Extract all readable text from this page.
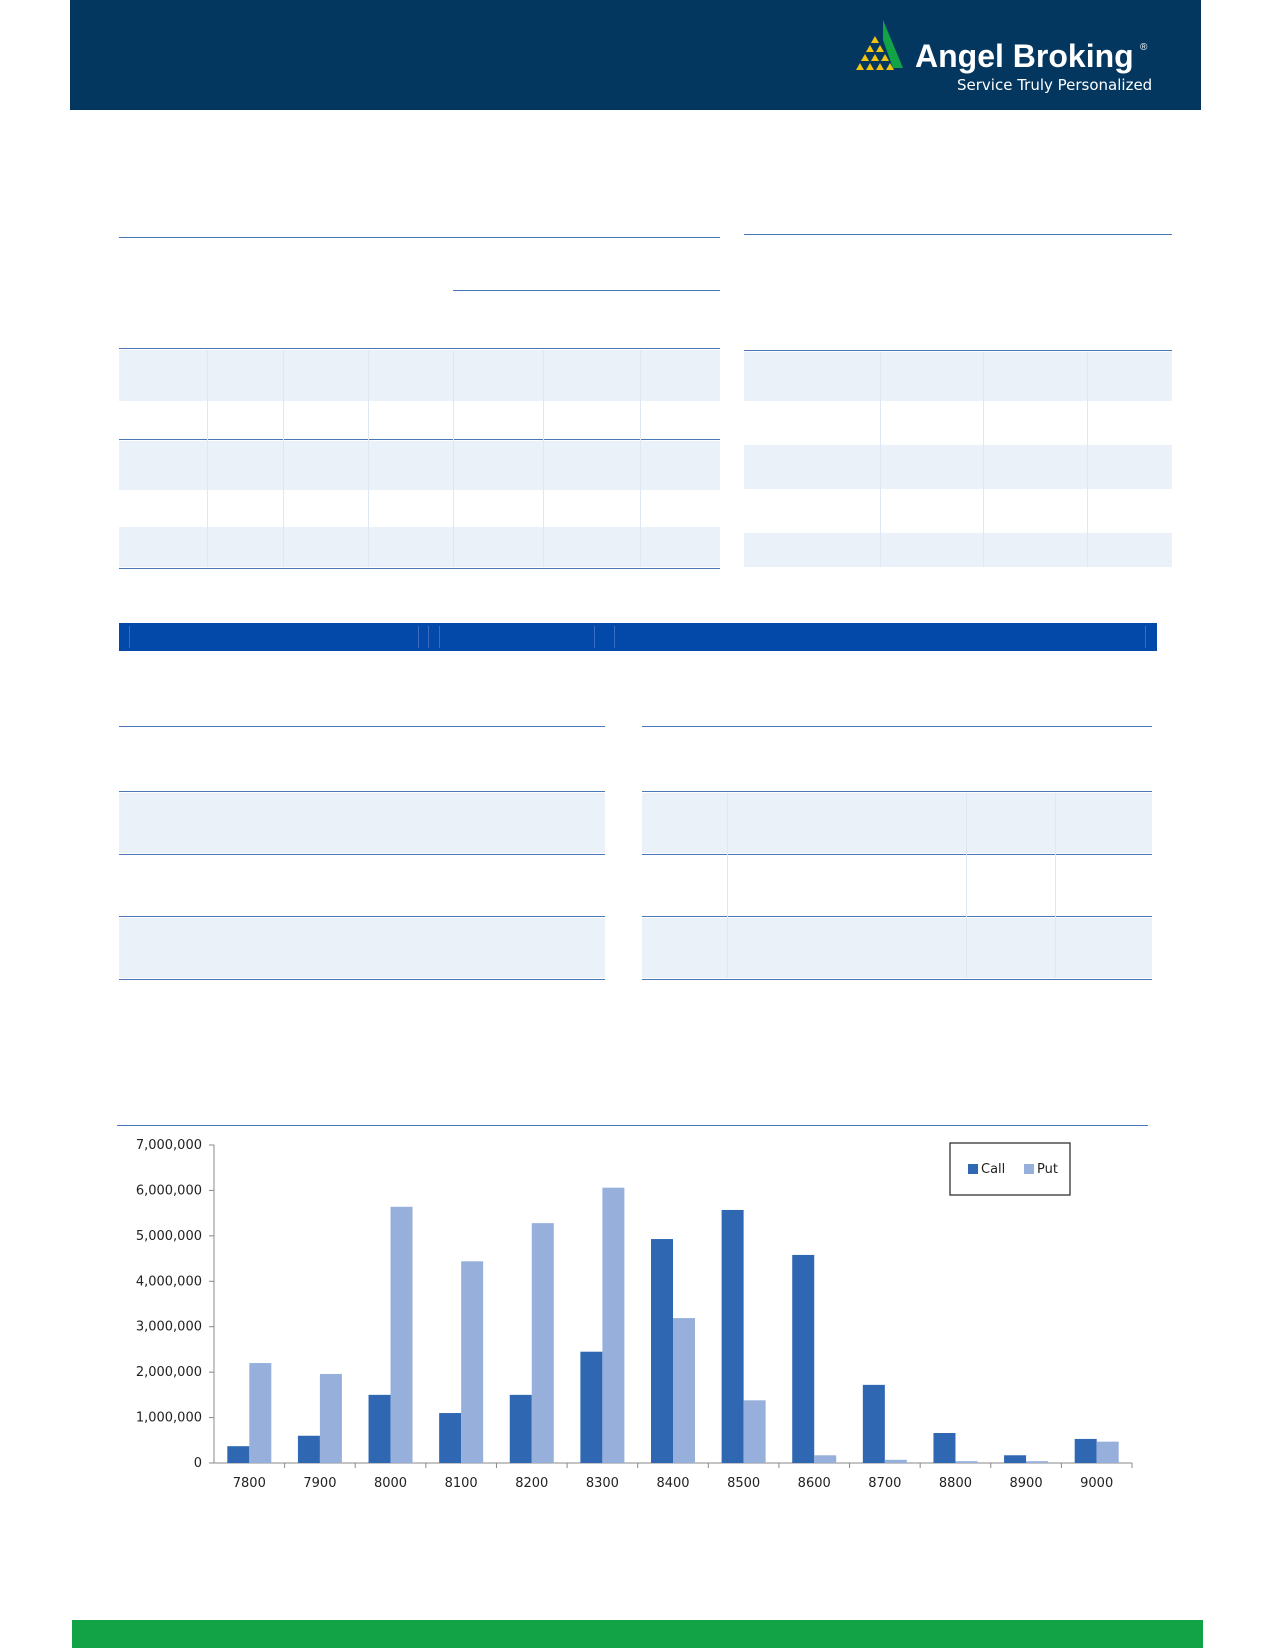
Angel Broking ®
Service Truly Personalized
7,000,000
6,000,000
5,000,000
4,000,000
3,000,000
2,000,000
1,000,000
0
7800	7900	8000	8100	8200	8300	8400	8500	8600	8700	8800	8900	9000
Call Put
